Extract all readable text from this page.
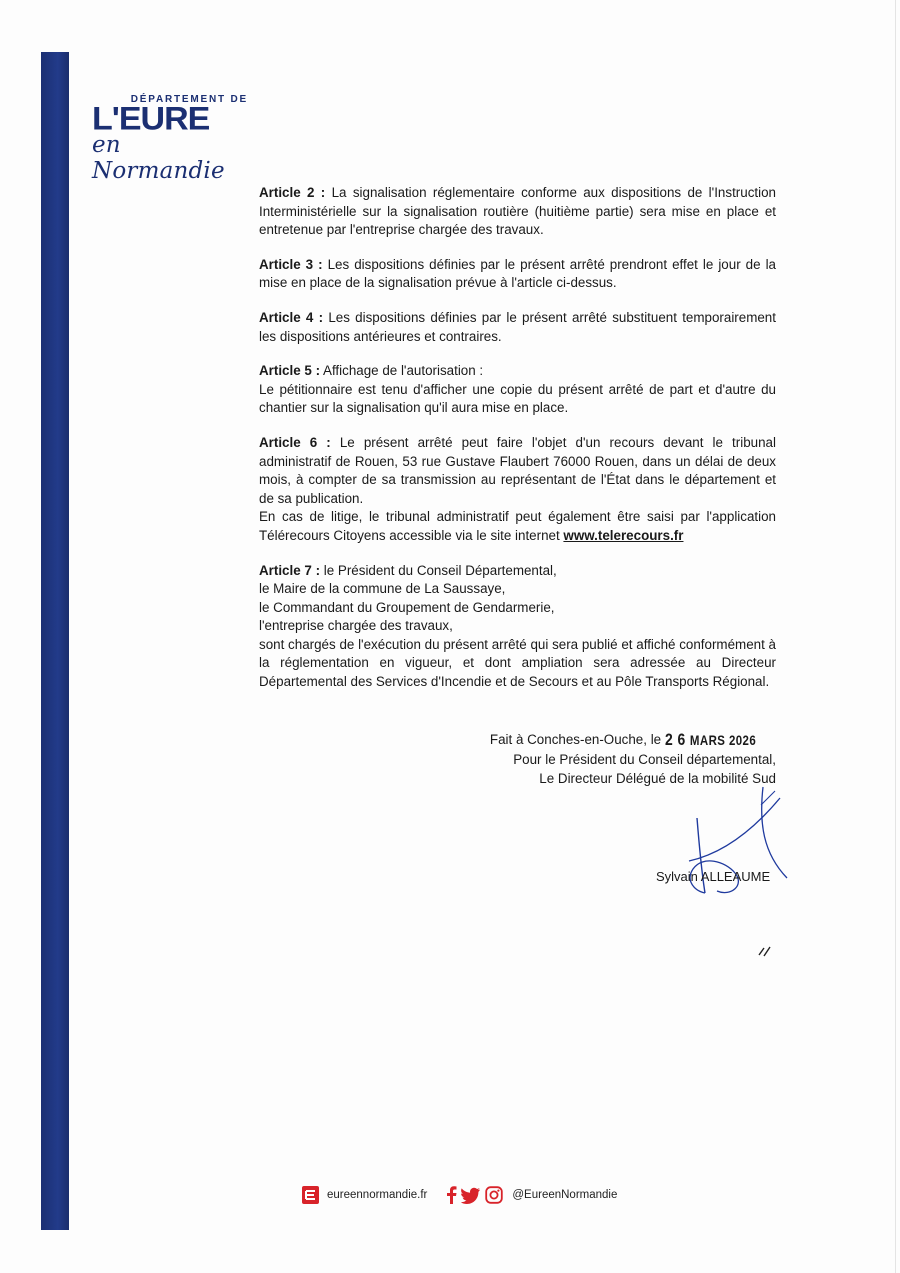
DÉPARTEMENT DE
L'EURE
en Normandie

Article 2 : La signalisation réglementaire conforme aux dispositions de l'Instruction Interministérielle sur la signalisation routière (huitième partie) sera mise en place et entretenue par l'entreprise chargée des travaux.

Article 3 : Les dispositions définies par le présent arrêté prendront effet le jour de la mise en place de la signalisation prévue à l'article ci-dessus.

Article 4 : Les dispositions définies par le présent arrêté substituent temporairement les dispositions antérieures et contraires.

Article 5 : Affichage de l'autorisation :
Le pétitionnaire est tenu d'afficher une copie du présent arrêté de part et d'autre du chantier sur la signalisation qu'il aura mise en place.

Article 6 : Le présent arrêté peut faire l'objet d'un recours devant le tribunal administratif de Rouen, 53 rue Gustave Flaubert 76000 Rouen, dans un délai de deux mois, à compter de sa transmission au représentant de l'État dans le département et de sa publication.
En cas de litige, le tribunal administratif peut également être saisi par l'application Télérecours Citoyens accessible via le site internet www.telerecours.fr

Article 7 : le Président du Conseil Départemental,
le Maire de la commune de La Saussaye,
le Commandant du Groupement de Gendarmerie,
l'entreprise chargée des travaux,
sont chargés de l'exécution du présent arrêté qui sera publié et affiché conformément à la réglementation en vigueur, et dont ampliation sera adressée au Directeur Départemental des Services d'Incendie et de Secours et au Pôle Transports Régional.

Fait à Conches-en-Ouche, le 2 6 MARS 2026
Pour le Président du Conseil départemental,
Le Directeur Délégué de la mobilité Sud
Sylvain ALLEAUME
eureennormandie.fr	@EureenNormandie
